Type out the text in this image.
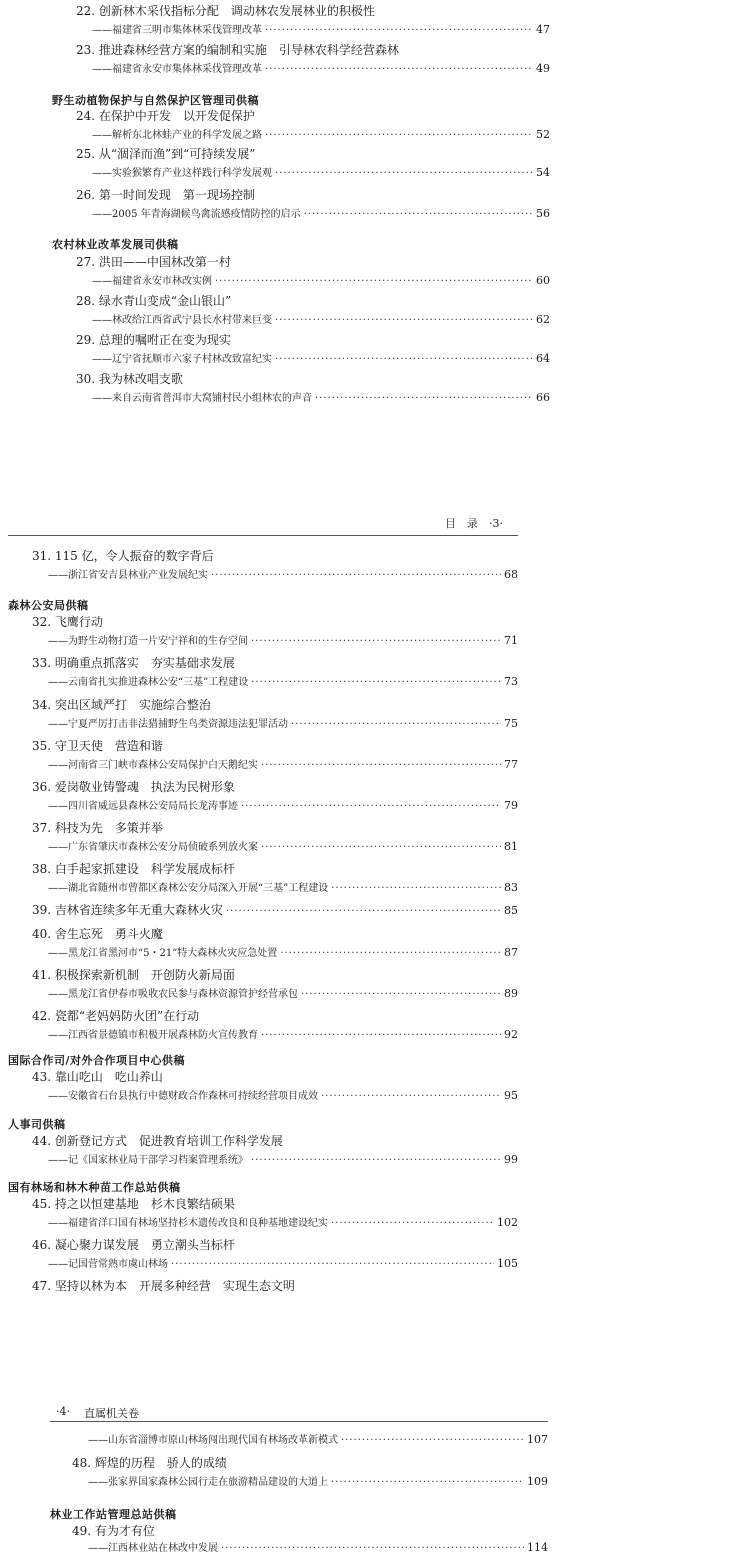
22. 创新林木采伐指标分配　调动林农发展林业的积极性
——福建省三明市集体林采伐管理改革 ·····	47
23. 推进森林经营方案的编制和实施　引导林农科学经营森林
——福建省永安市集体林采伐管理改革 ·····	49
野生动植物保护与自然保护区管理司供稿
24. 在保护中开发　以开发促保护
——解析东北林蛙产业的科学发展之路 ·····	52
25. 从“涸泽而渔”到“可持续发展”
——实验猴繁育产业这样践行科学发展观 ·····	54
26. 第一时间发现　第一现场控制
——2005 年青海湖候鸟禽流感疫情防控的启示 ·····	56
农村林业改革发展司供稿
27. 洪田——中国林改第一村
——福建省永安市林改实例 ·····	60
28. 绿水青山变成“金山银山”
——林改给江西省武宁县长水村带来巨变 ·····	62
29. 总理的嘱咐正在变为现实
——辽宁省抚顺市六家子村林改致富纪实 ·····	64
30. 我为林改唱支歌
——来自云南省普洱市大窝铺村民小组林农的声音 ·····	66
目　录　·3·
31. 115 亿，令人振奋的数字背后
——浙江省安吉县林业产业发展纪实 ·····	68
森林公安局供稿
32. 飞鹰行动
——为野生动物打造一片安宁祥和的生存空间 ·····	71
33. 明确重点抓落实　夯实基础求发展
——云南省扎实推进森林公安“三基”工程建设 ·····	73
34. 突出区域严打　实施综合整治
——宁夏严厉打击非法猎捕野生鸟类资源违法犯罪活动 ·····	75
35. 守卫天使　营造和谐
——河南省三门峡市森林公安局保护白天鹅纪实 ·····	77
36. 爱岗敬业铸警魂　执法为民树形象
——四川省威远县森林公安局局长龙涛事迹 ·····	79
37. 科技为先　多策并举
——广东省肇庆市森林公安分局侦破系列放火案 ·····	81
38. 白手起家抓建设　科学发展成标杆
——湖北省随州市曾都区森林公安分局深入开展“三基”工程建设 ·····	83
39. 吉林省连续多年无重大森林火灾 ·····	85
40. 舍生忘死　勇斗火魔
——黑龙江省黑河市“5・21”特大森林火灾应急处置 ·····	87
41. 积极探索新机制　开创防火新局面
——黑龙江省伊春市吸收农民参与森林资源管护经营承包 ·····	89
42. 瓷都“老妈妈防火团”在行动
——江西省景德镇市积极开展森林防火宣传教育 ·····	92
国际合作司/对外合作项目中心供稿
43. 靠山吃山　吃山养山
——安徽省石台县执行中德财政合作森林可持续经营项目成效 ·····	95
人事司供稿
44. 创新登记方式　促进教育培训工作科学发展
——记《国家林业局干部学习档案管理系统》 ·····	99
国有林场和林木种苗工作总站供稿
45. 持之以恒建基地　杉木良繁结硕果
——福建省洋口国有林场坚持杉木遗传改良和良种基地建设纪实 ·····	102
46. 凝心聚力谋发展　勇立潮头当标杆
——记国营常熟市虞山林场 ·····	105
47. 坚持以林为本　开展多种经营　实现生态文明
·4· 直属机关卷
——山东省淄博市原山林场闯出现代国有林场改革新模式 ·····	107
48. 辉煌的历程　骄人的成绩
——张家界国家森林公园行走在旅游精品建设的大道上 ·····	109
林业工作站管理总站供稿
49. 有为才有位
——江西林业站在林改中发展 ·····	114
